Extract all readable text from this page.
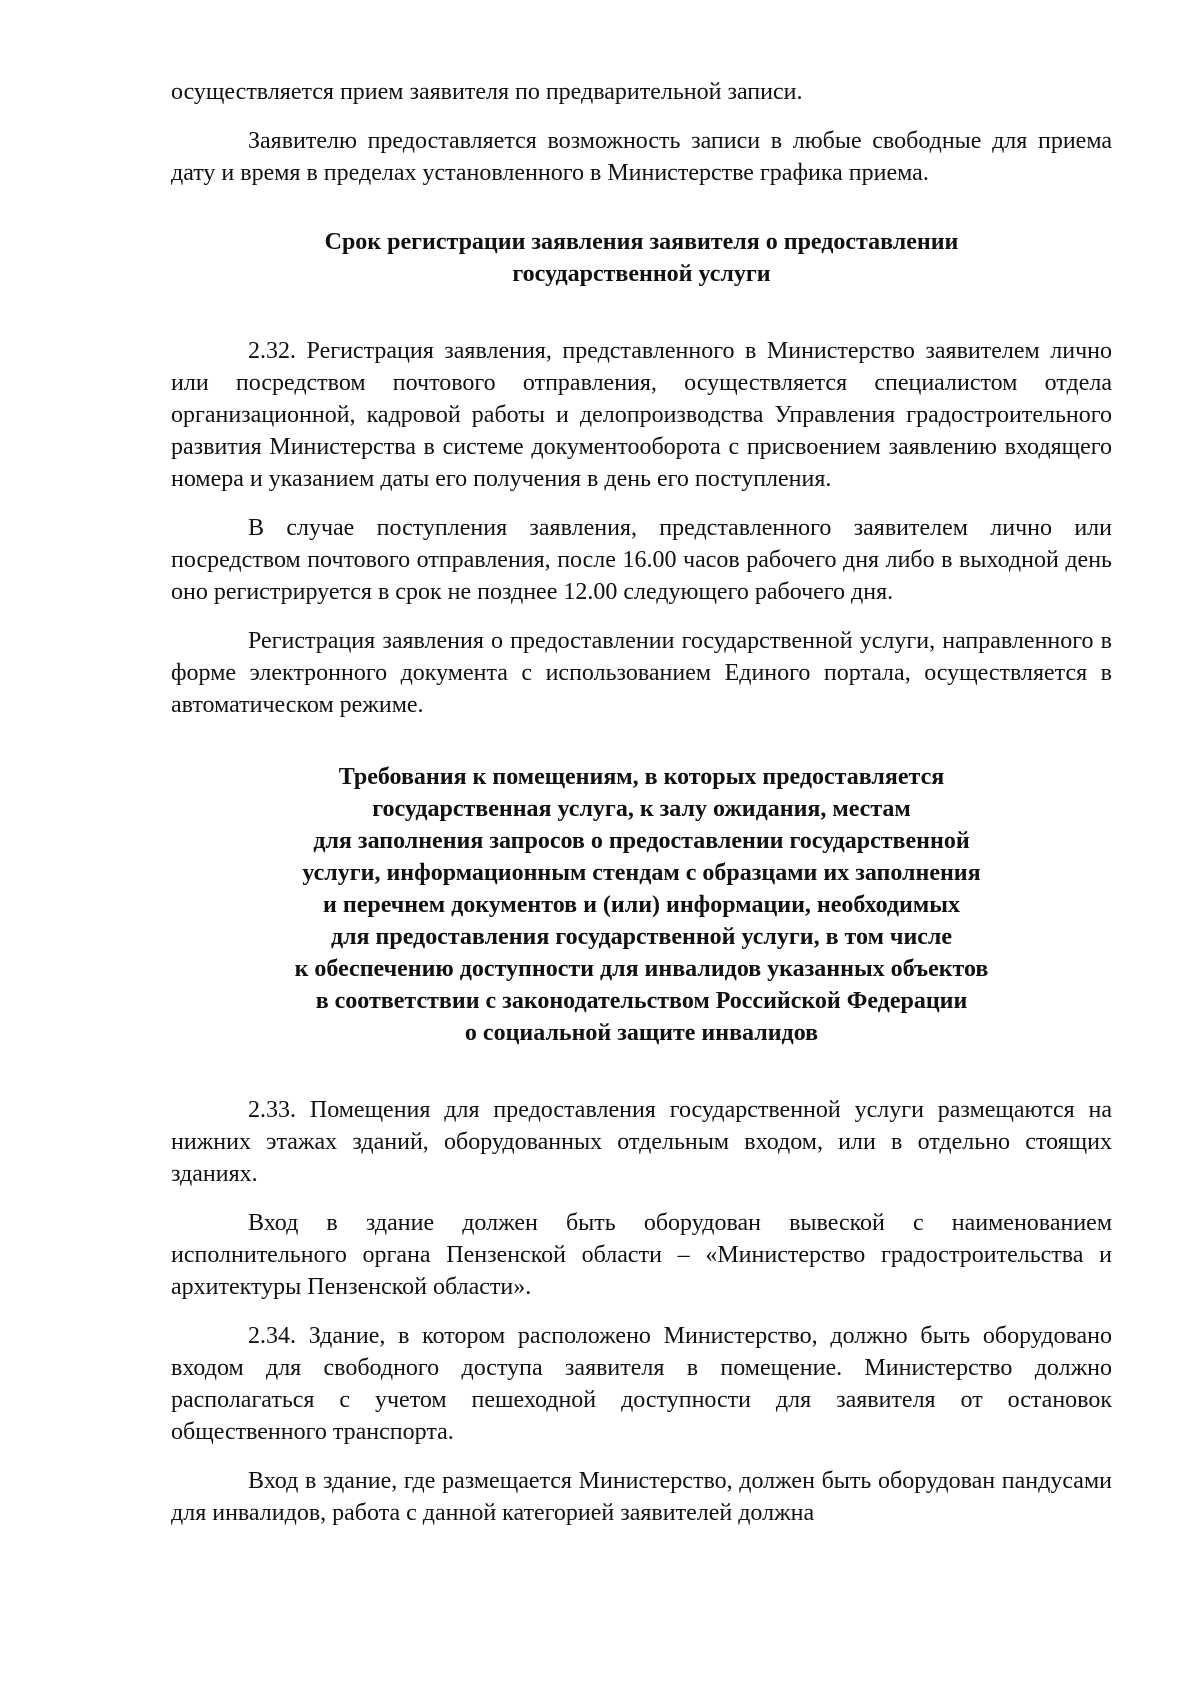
осуществляется прием заявителя по предварительной записи.

Заявителю предоставляется возможность записи в любые свободные для приема дату и время в пределах установленного в Министерстве графика приема.

Срок регистрации заявления заявителя о предоставлении
государственной услуги

2.32. Регистрация заявления, представленного в Министерство заявителем лично или посредством почтового отправления, осуществляется специалистом отдела организационной, кадровой работы и делопроизводства Управления градостроительного развития Министерства в системе документооборота с присвоением заявлению входящего номера и указанием даты его получения в день его поступления.

В случае поступления заявления, представленного заявителем лично или посредством почтового отправления, после 16.00 часов рабочего дня либо в выходной день оно регистрируется в срок не позднее 12.00 следующего рабочего дня.

Регистрация заявления о предоставлении государственной услуги, направленного в форме электронного документа с использованием Единого портала, осуществляется в автоматическом режиме.

Требования к помещениям, в которых предоставляется
государственная услуга, к залу ожидания, местам
для заполнения запросов о предоставлении государственной
услуги, информационным стендам с образцами их заполнения
и перечнем документов и (или) информации, необходимых
для предоставления государственной услуги, в том числе
к обеспечению доступности для инвалидов указанных объектов
в соответствии с законодательством Российской Федерации
о социальной защите инвалидов

2.33. Помещения для предоставления государственной услуги размещаются на нижних этажах зданий, оборудованных отдельным входом, или в отдельно стоящих зданиях.

Вход в здание должен быть оборудован вывеской с наименованием исполнительного органа Пензенской области – «Министерство градостроительства и архитектуры Пензенской области».

2.34. Здание, в котором расположено Министерство, должно быть оборудовано входом для свободного доступа заявителя в помещение. Министерство должно располагаться с учетом пешеходной доступности для заявителя от остановок общественного транспорта.

Вход в здание, где размещается Министерство, должен быть оборудован пандусами для инвалидов, работа с данной категорией заявителей должна
